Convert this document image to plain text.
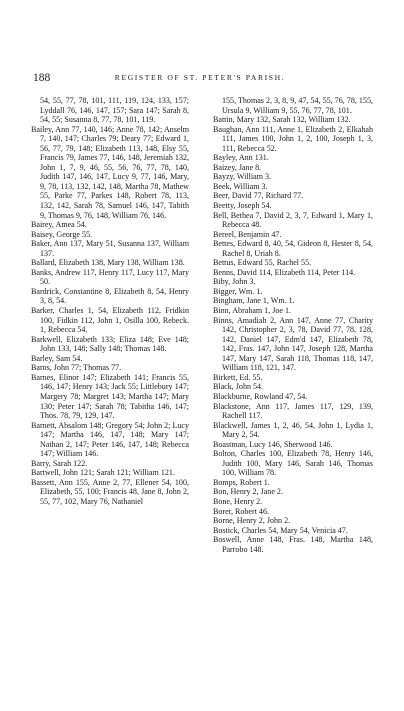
188	REGISTER OF ST. PETER'S PARISH.

54, 55, 77, 78, 101, 111, 119, 124, 133, 157; Lyddall 76, 146, 147, 157; Sara 147; Sarah 8, 54, 55; Susanna 8, 77, 78, 101, 119.

Bailey, Ann 77, 140, 146; Anne 78, 142; Anselm 7, 140, 147; Charles 79; Deary 77; Edward 1, 56, 77, 79, 148; Elizabeth 113, 148, Elsy 55, Francis 79, James 77, 146, 148, Jeremiah 132, John 1, 7, 9, 46, 55, 56, 76, 77, 78, 140, Judith 147, 146, 147, Lucy 9, 77, 146, Mary, 9, 78, 113, 132, 142, 148, Martha 78, Mathew 55, Parke 77, Parkes 148, Robert 78, 113, 132, 142, Sarah 78, Samuel 146, 147, Tabith 9, Thomas 9, 76, 148, William 76, 146.

Bairey, Amea 54.

Baisey, George 55.

Baker, Ann 137, Mary 51, Susanna 137, William 137.

Ballard, Elizabeth 138, Mary 138, William 138.

Banks, Andrew 117, Henry 117, Lucy 117, Mary 50.

Bardrick, Constantine 8, Elizabeth 8, 54, Henry 3, 8, 54.

Barker, Charles 1, 54, Elizabeth 112, Fridkin 100, Fidkin 112, John 1, Osilla 100, Rebeck. 1, Rebecca 54.

Barkwell, Elizabeth 133; Eliza 148; Eve 148; John 133, 148; Sally 148; Thomas 148.

Barley, Sam 54.

Barns, John 77; Thomas 77.

Barnes, Elinor 147; Elizabeth 141; Francis 55, 146, 147; Henry 143; Jack 55; Littlebury 147; Margery 78; Margret 143; Martha 147; Mary 130; Peter 147; Sarah 78; Tabitha 146, 147; Thos. 78, 79, 129, 147.

Barnett, Absalom 148; Gregory 54; John 2; Lucy 147; Martha 146, 147, 148; Mary 147; Nathan 2, 147; Peter 146, 147, 148; Rebecca 147; William 146.

Barry, Sarah 122.

Bartwell, John 121; Sarah 121; William 121.

Bassett, Ann 155, Anne 2, 77, Ellener 54, 100, Elizabeth, 55, 100; Francis 48, Jane 8, John 2, 55, 77, 102, Mary 76, Nathaniel

155, Thomas 2, 3, 8, 9, 47, 54, 55, 76, 78, 155, Ursula 9, William 9, 55, 76, 77, 78, 101.

Battin, Mary 132, Sarah 132, William 132.

Baughan, Ann 111, Anne 1, Elizabeth 2, Elkahah 111, James 100, John 1, 2, 100, Joseph 1, 3, 111, Rebecca 52.

Bayley, Ann 131.

Baizey, Jane 8.

Bayzy, William 3.

Beek, William 3.

Beer, David 77, Richard 77.

Beetty, Joseph 54.

Bell, Bethea 7, David 2, 3, 7, Edward 1, Mary 1, Rebecca 48.

Bereel, Benjamin 47.

Bettes, Edward 8, 40, 54, Gideon 8, Hester 8, 54, Rachel 8, Uriah 8.

Bettus, Edward 55, Rachel 55.

Benns, David 114, Elizabeth 114, Peter 114.

Biby, John 3.

Bigger, Wm. 1.

Bingham, Jane 1, Wm. 1.

Binn, Abraham 1, Joe 1.

Binns, Amadiah 2, Ann 147, Anne 77, Charity 142, Christopher 2, 3, 78, David 77, 78, 128, 142, Daniel 147, Edm'd 147, Elizabeth 78, 142, Fras. 147, John 147, Joseph 128, Martha 147, Mary 147, Sarah 118, Thomas 118, 147, William 118, 121, 147.

Birkett, Ed. 55.

Black, John 54.

Blackburne, Rowland 47, 54.

Blackstone, Ann 117, James 117, 129, 139, Rachell 117.

Blackwell, James 1, 2, 46, 54, John 1, Lydia 1, Mary 2, 54.

Boastman, Lucy 146, Sherwood 146.

Bolton, Charles 100, Elizabeth 78, Henry 146, Judith 100, Mary 146, Sarah 146, Thomas 100, William 78.

Bomps, Robert 1.

Bon, Henry 2, Jane 2.

Bone, Henry 2.

Borer, Robert 46.

Borne, Henry 2, John 2.

Bostick, Charles 54, Mary 54, Venicia 47.

Boswell, Anne 148, Fras. 148, Martha 148, Parrobo 148.
